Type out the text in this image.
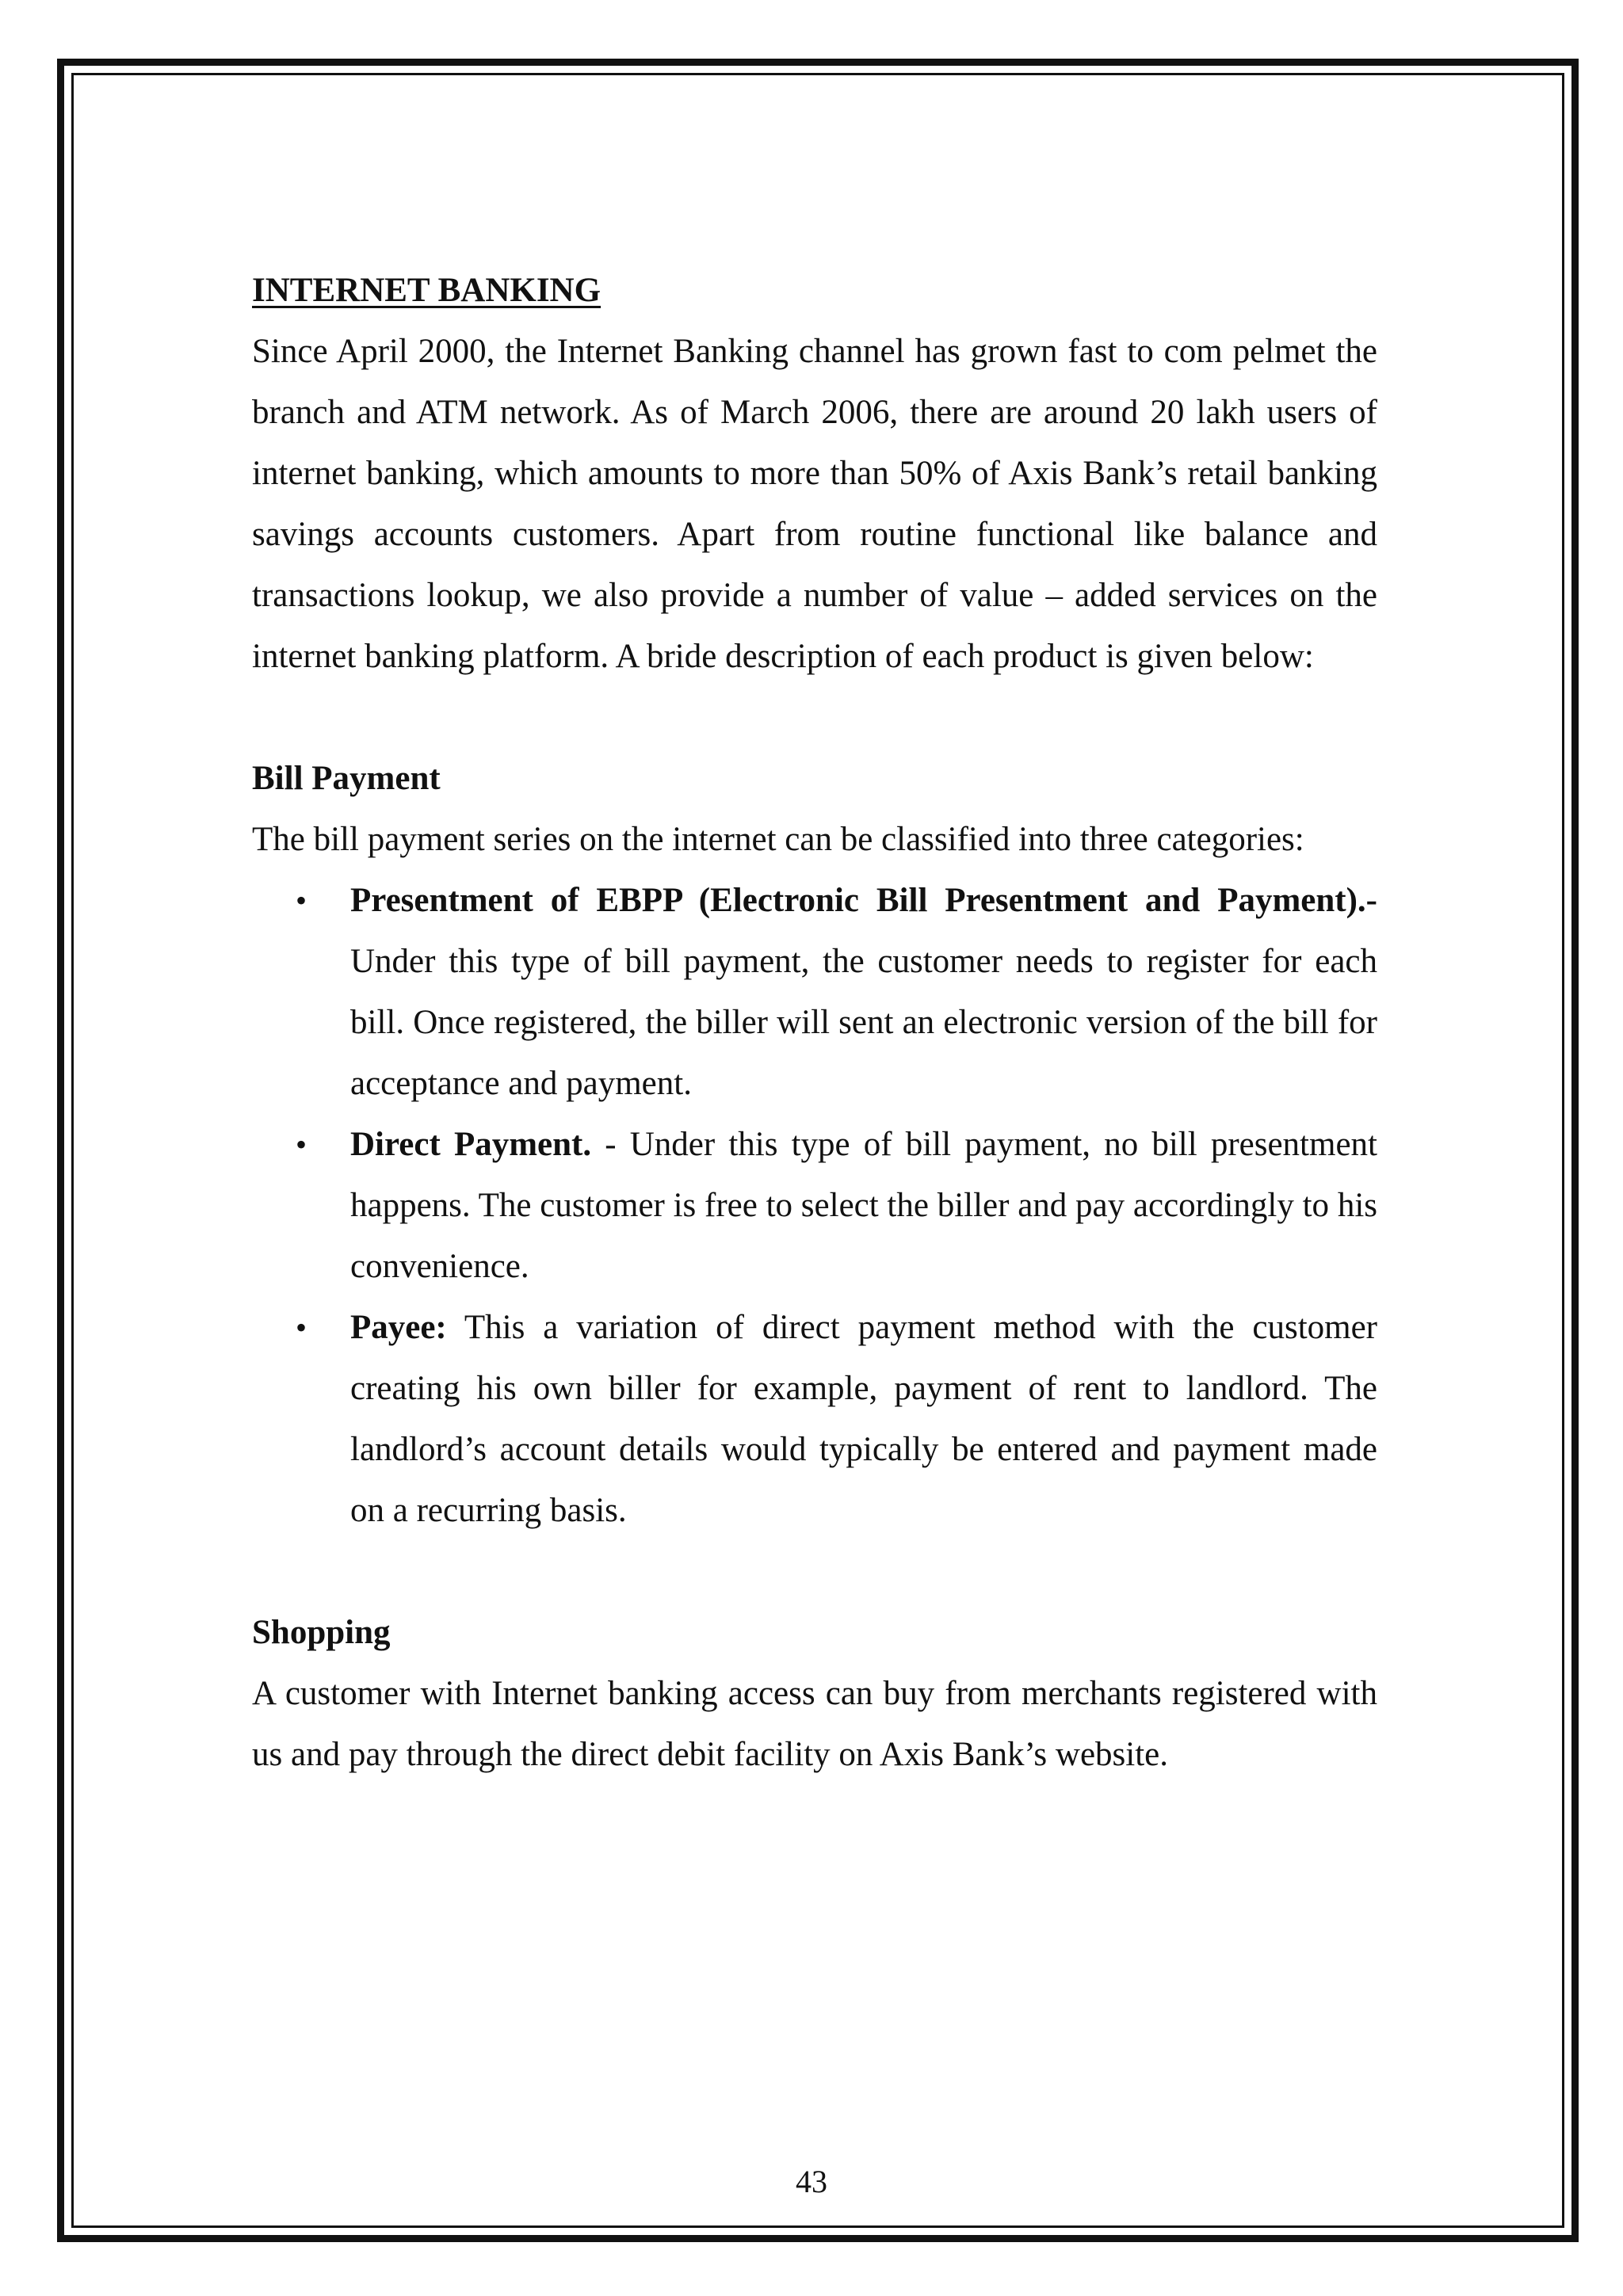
INTERNET BANKING

Since April 2000, the Internet Banking channel has grown fast to com pelmet the branch and ATM network. As of March 2006, there are around 20 lakh users of internet banking, which amounts to more than 50% of Axis Bank’s retail banking savings accounts customers. Apart from routine functional like balance and transactions lookup, we also provide a number of value – added services on the internet banking platform. A bride description of each product is given below:

Bill Payment

The bill payment series on the internet can be classified into three categories:

• Presentment of EBPP (Electronic Bill Presentment and Payment).- Under this type of bill payment, the customer needs to register for each bill. Once registered, the biller will sent an electronic version of the bill for acceptance and payment.
• Direct Payment. - Under this type of bill payment, no bill presentment happens. The customer is free to select the biller and pay accordingly to his convenience.
• Payee: This a variation of direct payment method with the customer creating his own biller for example, payment of rent to landlord. The landlord’s account details would typically be entered and payment made on a recurring basis.

Shopping

A customer with Internet banking access can buy from merchants registered with us and pay through the direct debit facility on Axis Bank’s website.

43
